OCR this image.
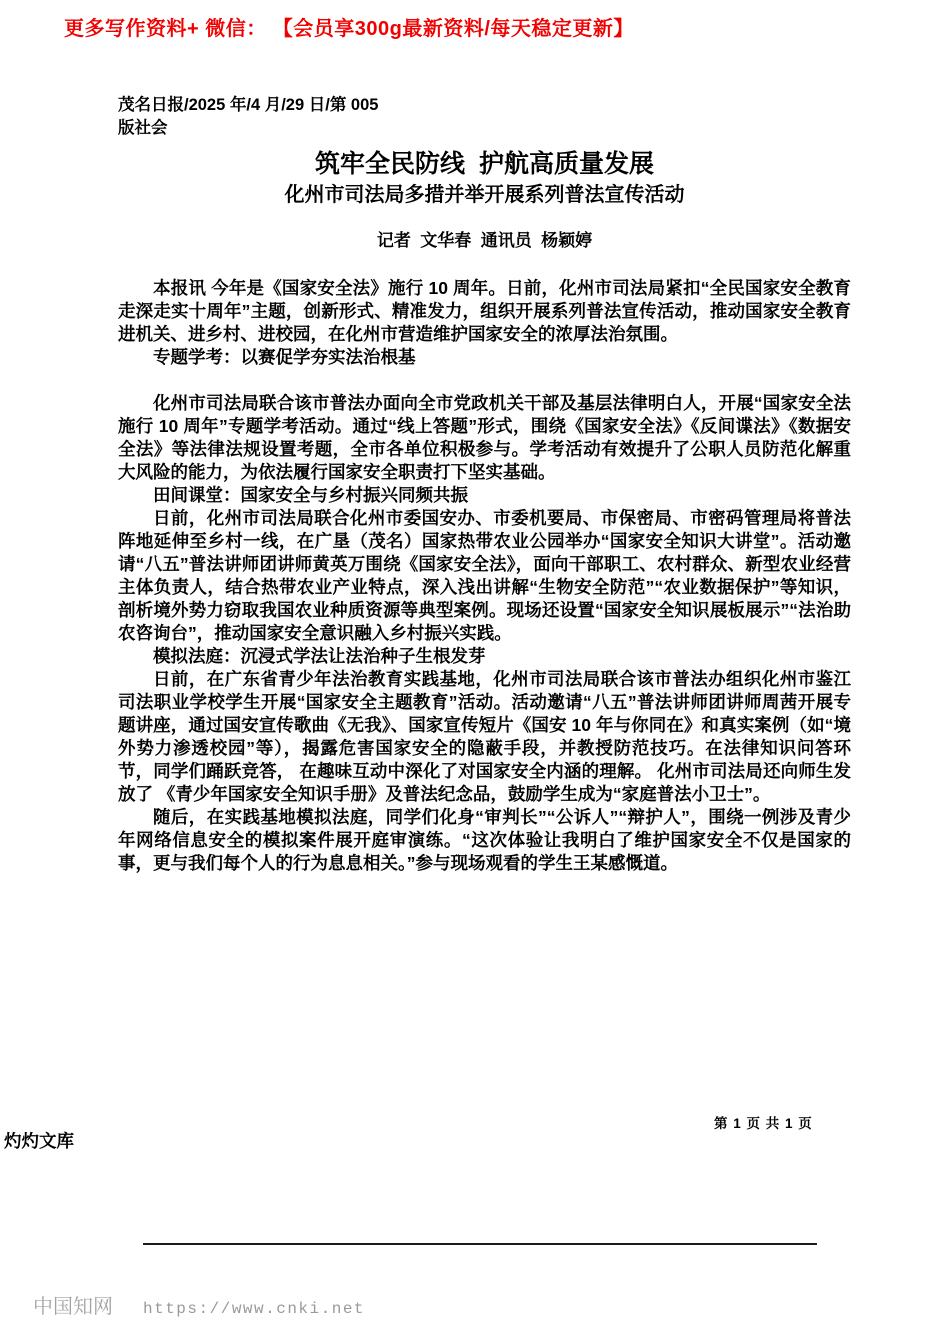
更多写作资料+ 微信： 【会员享300g最新资料/每天稳定更新】
茂名日报/2025 年/4 月/29 日/第 005
版社会
筑牢全民防线  护航高质量发展
化州市司法局多措并举开展系列普法宣传活动
记者  文华春  通讯员  杨颖婷
本报讯 今年是《国家安全法》施行 10 周年。日前，化州市司法局紧扣“全民国家安全教育走深走实十周年”主题，创新形式、精准发力，组织开展系列普法宣传活动，推动国家安全教育进机关、进乡村、进校园，在化州市营造维护国家安全的浓厚法治氛围。
专题学考：以赛促学夯实法治根基
化州市司法局联合该市普法办面向全市党政机关干部及基层法律明白人，开展“国家安全法施行 10 周年”专题学考活动。通过“线上答题”形式，围绕《国家安全法》《反间谍法》《数据安全法》等法律法规设置考题，全市各单位积极参与。学考活动有效提升了公职人员防范化解重大风险的能力，为依法履行国家安全职责打下坚实基础。
田间课堂：国家安全与乡村振兴同频共振
日前，化州市司法局联合化州市委国安办、市委机要局、市保密局、市密码管理局将普法阵地延伸至乡村一线，在广垦（茂名）国家热带农业公园举办“国家安全知识大讲堂”。活动邀请“八五”普法讲师团讲师黄英万围绕《国家安全法》，面向干部职工、农村群众、新型农业经营主体负责人，结合热带农业产业特点，深入浅出讲解“生物安全防范”“农业数据保护”等知识，剖析境外势力窃取我国农业种质资源等典型案例。现场还设置“国家安全知识展板展示”“法治助农咨询台”，推动国家安全意识融入乡村振兴实践。
模拟法庭：沉浸式学法让法治种子生根发芽
日前，在广东省青少年法治教育实践基地，化州市司法局联合该市普法办组织化州市鉴江司法职业学校学生开展“国家安全主题教育”活动。活动邀请“八五”普法讲师团讲师周茜开展专题讲座，通过国安宣传歌曲《无我》、国家宣传短片《国安 10 年与你同在》和真实案例（如“境外势力渗透校园”等），揭露危害国家安全的隐蔽手段，并教授防范技巧。在法律知识问答环节，同学们踊跃竞答， 在趣味互动中深化了对国家安全内涵的理解。 化州市司法局还向师生发放了 《青少年国家安全知识手册》及普法纪念品，鼓励学生成为“家庭普法小卫士”。
随后，在实践基地模拟法庭，同学们化身“审判长”“公诉人”“辩护人”，围绕一例涉及青少年网络信息安全的模拟案件展开庭审演练。“这次体验让我明白了维护国家安全不仅是国家的事，更与我们每个人的行为息息相关。”参与现场观看的学生王某感慨道。
第 1 页 共 1 页
灼灼文库
中国知网 https://www.cnki.net
